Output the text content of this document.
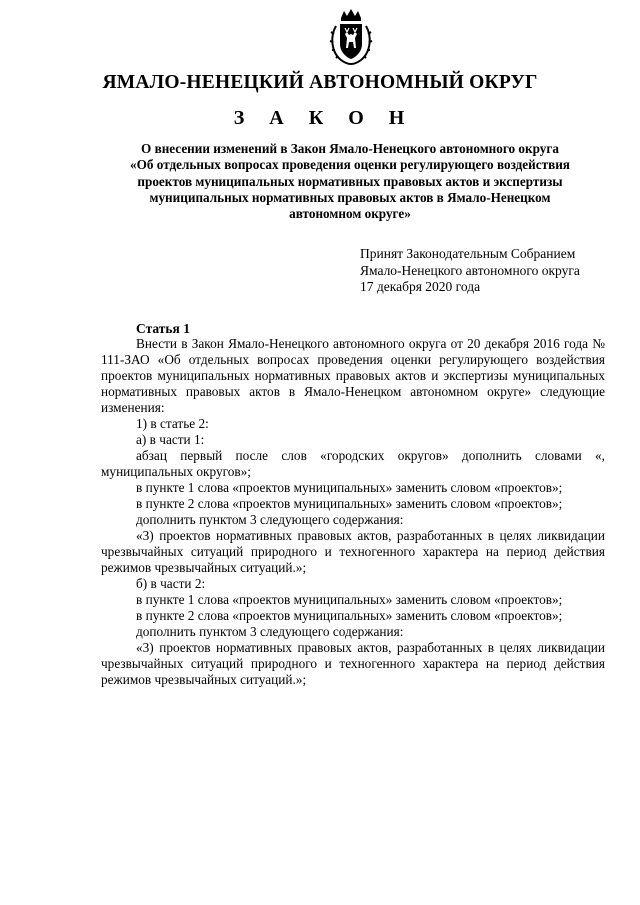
ЯМАЛО-НЕНЕЦКИЙ АВТОНОМНЫЙ ОКРУГ
З А К О Н
О внесении изменений в Закон Ямало-Ненецкого автономного округа
«Об отдельных вопросах проведения оценки регулирующего воздействия
проектов муниципальных нормативных правовых актов и экспертизы
муниципальных нормативных правовых актов в Ямало-Ненецком
автономном округе»
Принят Законодательным Собранием
Ямало-Ненецкого автономного округа
17 декабря 2020 года
Статья 1

Внести в Закон Ямало-Ненецкого автономного округа от 20 декабря 2016 года № 111-ЗАО «Об отдельных вопросах проведения оценки регулирующего воздействия проектов муниципальных нормативных правовых актов и экспертизы муниципальных нормативных правовых актов в Ямало-Ненецком автономном округе» следующие изменения:

1) в статье 2:

а) в части 1:

абзац первый после слов «городских округов» дополнить словами «, муниципальных округов»;

в пункте 1 слова «проектов муниципальных» заменить словом «проектов»;

в пункте 2 слова «проектов муниципальных» заменить словом «проектов»;

дополнить пунктом 3 следующего содержания:

«3) проектов нормативных правовых актов, разработанных в целях ликвидации чрезвычайных ситуаций природного и техногенного характера на период действия режимов чрезвычайных ситуаций.»;

б) в части 2:

в пункте 1 слова «проектов муниципальных» заменить словом «проектов»;

в пункте 2 слова «проектов муниципальных» заменить словом «проектов»;

дополнить пунктом 3 следующего содержания:

«3) проектов нормативных правовых актов, разработанных в целях ликвидации чрезвычайных ситуаций природного и техногенного характера на период действия режимов чрезвычайных ситуаций.»;
